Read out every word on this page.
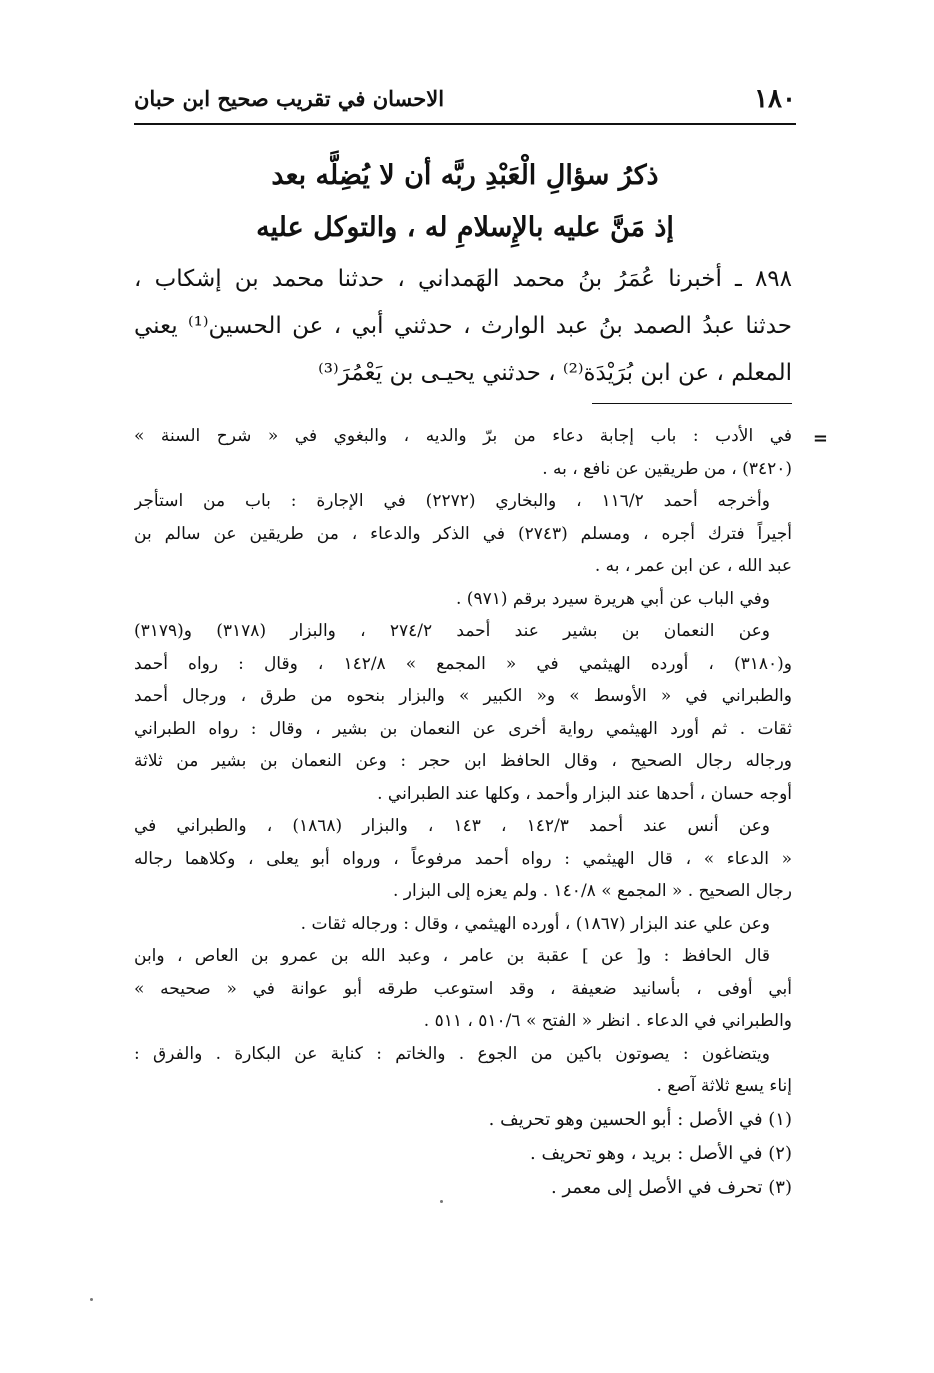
١٨٠
الاحسان في تقريب صحيح ابن حبان
ذكرُ سؤالِ الْعَبْدِ ربَّه أن لا يُضِلَّه بعد
إذ مَنَّ عليه بالإِسلامِ له ، والتوكل عليه
٨٩٨ ـ أخبرنا عُمَرُ بنُ محمد الهَمداني ، حدثنا محمد بن إشكاب ،
حدثنا عبدُ الصمد بنُ عبد الوارث ، حدثني أبي ، عن الحسين⁽¹⁾ يعني
المعلم ، عن ابن بُرَيْدَة⁽²⁾ ، حدثني يحيـى بن يَعْمُرَ⁽³⁾
=
في الأدب : باب إجابة دعاء من برّ والديه ، والبغوي في « شرح السنة »
(٣٤٢٠) ، من طريقين عن نافع ، به .
وأخرجه أحمد ١١٦/٢ ، والبخاري (٢٢٧٢) في الإجارة : باب من استأجر
أجيراً فترك أجره ، ومسلم (٢٧٤٣) في الذكر والدعاء ، من طريقين عن سالم بن
عبد الله ، عن ابن عمر ، به .
وفي الباب عن أبي هريرة سيرد برقم (٩٧١) .
وعن النعمان بن بشير عند أحمد ٢٧٤/٢ ، والبزار (٣١٧٨) و(٣١٧٩)
و(٣١٨٠) ، أورده الهيثمي في « المجمع » ١٤٢/٨ ، وقال : رواه أحمد
والطبراني في « الأوسط » و« الكبير » والبزار بنحوه من طرق ، ورجال أحمد
ثقات . ثم أورد الهيثمي رواية أخرى عن النعمان بن بشير ، وقال : رواه الطبراني
ورجاله رجال الصحيح ، وقال الحافظ ابن حجر : وعن النعمان بن بشير من ثلاثة
أوجه حسان ، أحدها عند البزار وأحمد ، وكلها عند الطبراني .
وعن أنس عند أحمد ١٤٢/٣ ، ١٤٣ ، والبزار (١٨٦٨) ، والطبراني في
« الدعاء » ، قال الهيثمي : رواه أحمد مرفوعاً ، ورواه أبو يعلى ، وكلاهما رجاله
رجال الصحيح . « المجمع » ١٤٠/٨ . ولم يعزه إلى البزار .
وعن علي عند البزار (١٨٦٧) ، أورده الهيثمي ، وقال : ورجاله ثقات .
قال الحافظ : و[ عن ] عقبة بن عامر ، وعبد الله بن عمرو بن العاص ، وابن
أبي أوفى ، بأسانيد ضعيفة ، وقد استوعب طرقه أبو عوانة في « صحيحه »
والطبراني في الدعاء . انظر « الفتح » ٥١٠/٦ ، ٥١١ .
ويتضاغون : يصوتون باكين من الجوع . والخاتم : كناية عن البكارة . والفرق :
إناء يسع ثلاثة آصع .
(١) في الأصل : أبو الحسين وهو تحريف .
(٢) في الأصل : بريد ، وهو تحريف .
(٣) تحرف في الأصل إلى معمر .
